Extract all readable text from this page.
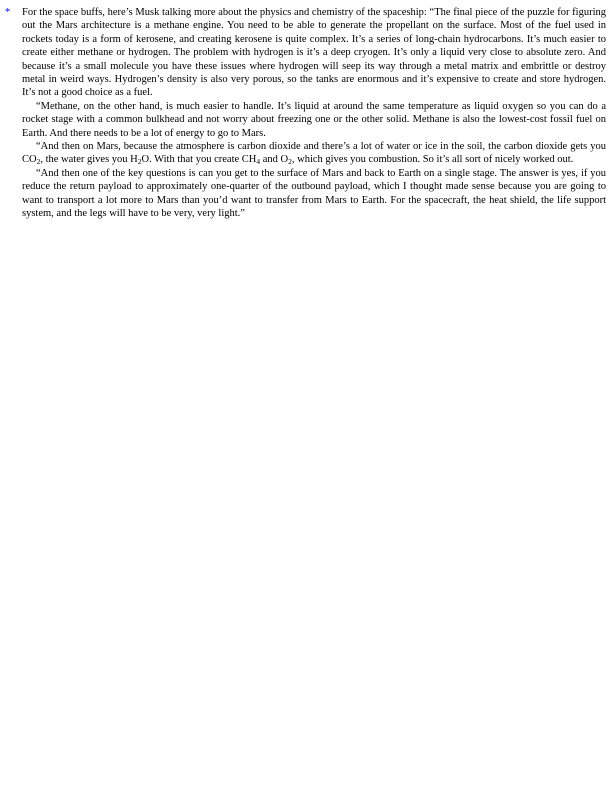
* For the space buffs, here’s Musk talking more about the physics and chemistry of the spaceship: “The final piece of the puzzle for figuring out the Mars architecture is a methane engine. You need to be able to generate the propellant on the surface. Most of the fuel used in rockets today is a form of kerosene, and creating kerosene is quite complex. It’s a series of long-chain hydrocarbons. It’s much easier to create either methane or hydrogen. The problem with hydrogen is it’s a deep cryogen. It’s only a liquid very close to absolute zero. And because it’s a small molecule you have these issues where hydrogen will seep its way through a metal matrix and embrittle or destroy metal in weird ways. Hydrogen’s density is also very porous, so the tanks are enormous and it’s expensive to create and store hydrogen. It’s not a good choice as a fuel.

“Methane, on the other hand, is much easier to handle. It’s liquid at around the same temperature as liquid oxygen so you can do a rocket stage with a common bulkhead and not worry about freezing one or the other solid. Methane is also the lowest-cost fossil fuel on Earth. And there needs to be a lot of energy to go to Mars.

“And then on Mars, because the atmosphere is carbon dioxide and there’s a lot of water or ice in the soil, the carbon dioxide gets you $CO_2$, the water gives you $H_2O$. With that you create $CH_4$ and $O_2$, which gives you combustion. So it’s all sort of nicely worked out.

“And then one of the key questions is can you get to the surface of Mars and back to Earth on a single stage. The answer is yes, if you reduce the return payload to approximately one-quarter of the outbound payload, which I thought made sense because you are going to want to transport a lot more to Mars than you’d want to transfer from Mars to Earth. For the spacecraft, the heat shield, the life support system, and the legs will have to be very, very light.”
